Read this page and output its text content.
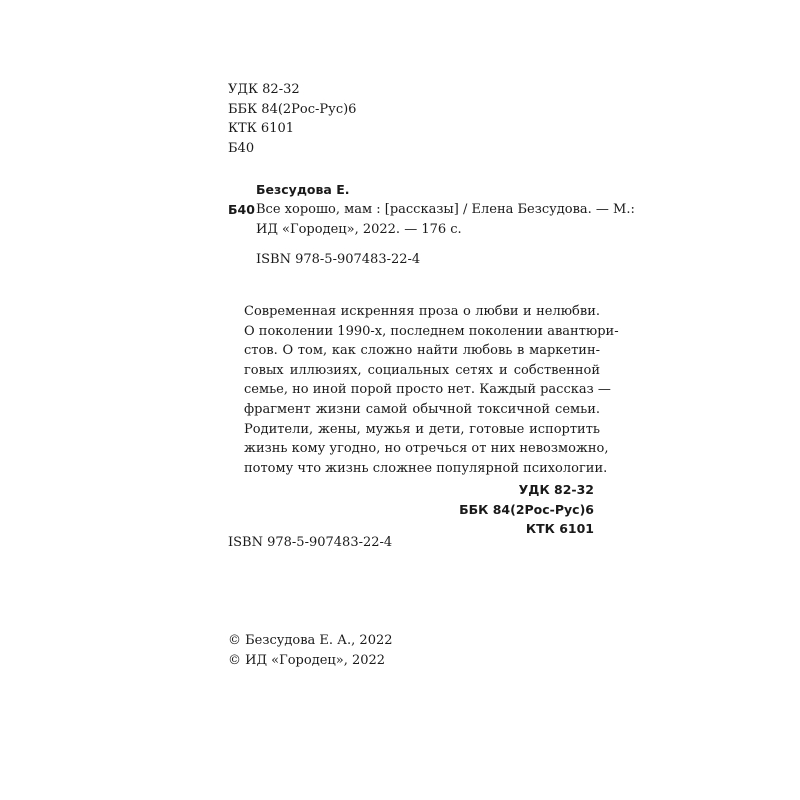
УДК 82-32
ББК 84(2Рос-Рус)6
КТК 6101
Б40
Б40
Безсудова Е.
Все хорошо, мам : [рассказы] / Елена Безсудова. — М.:
ИД «Городец», 2022. — 176 с.
ISBN 978-5-907483-22-4
Современная искренняя проза о любви и нелюбви.
О поколении 1990-х, последнем поколении авантюри-
стов. О том, как сложно найти любовь в маркетин-
говых иллюзиях, социальных сетях и собственной
семье, но иной порой просто нет. Каждый рассказ —
фрагмент жизни самой обычной токсичной семьи.
Родители, жены, мужья и дети, готовые испортить
жизнь кому угодно, но отречься от них невозможно,
потому что жизнь сложнее популярной психологии.
УДК 82-32
ББК 84(2Рос-Рус)6
КТК 6101
ISBN 978-5-907483-22-4
© Безсудова Е. А., 2022
© ИД «Городец», 2022
